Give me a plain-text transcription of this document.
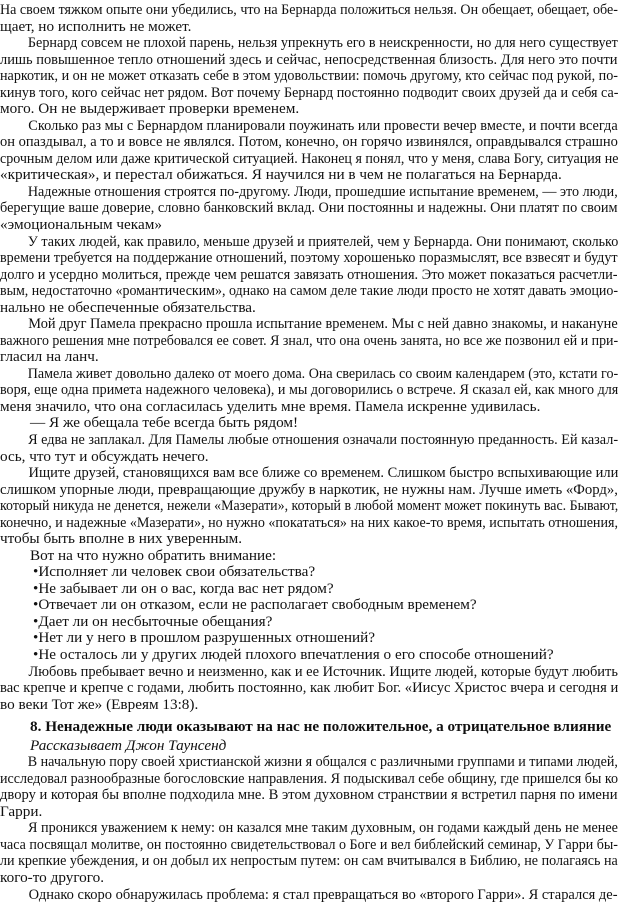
На своем тяжком опыте они убедились, что на Бернарда положиться нельзя. Он обещает, обещает, обе-
щает, но исполнить не может.
Бернард совсем не плохой парень, нельзя упрекнуть его в неискренности, но для него существует
лишь повышенное тепло отношений здесь и сейчас, непосредственная близость. Для него это почти
наркотик, и он не может отказать себе в этом удовольствии: помочь другому, кто сейчас под рукой, по-
кинув того, кого сейчас нет рядом. Вот почему Бернард постоянно подводит своих друзей да и себя са-
мого. Он не выдерживает проверки временем.
Сколько раз мы с Бернардом планировали поужинать или провести вечер вместе, и почти всегда
он опаздывал, а то и вовсе не являлся. Потом, конечно, он горячо извинялся, оправдывался страшно
срочным делом или даже критической ситуацией. Наконец я понял, что у меня, слава Богу, ситуация не
«критическая», и перестал обижаться. Я научился ни в чем не полагаться на Бернарда.
Надежные отношения строятся по-другому. Люди, прошедшие испытание временем, — это люди,
берегущие ваше доверие, словно банковский вклад. Они постоянны и надежны. Они платят по своим
«эмоциональным чекам»
У таких людей, как правило, меньше друзей и приятелей, чем у Бернарда. Они понимают, сколько
времени требуется на поддержание отношений, поэтому хорошенько поразмыслят, все взвесят и будут
долго и усердно молиться, прежде чем решатся завязать отношения. Это может показаться расчетли-
вым, недостаточно «романтическим», однако на самом деле такие люди просто не хотят давать эмоцио-
нально не обеспеченные обязательства.
Мой друг Памела прекрасно прошла испытание временем. Мы с ней давно знакомы, и накануне
важного решения мне потребовался ее совет. Я знал, что она очень занята, но все же позвонил ей и при-
гласил на ланч.
Памела живет довольно далеко от моего дома. Она сверилась со своим календарем (это, кстати го-
воря, еще одна примета надежного человека), и мы договорились о встрече. Я сказал ей, как много для
меня значило, что она согласилась уделить мне время. Памела искренне удивилась.
— Я же обещала тебе всегда быть рядом!
Я едва не заплакал. Для Памелы любые отношения означали постоянную преданность. Ей казал-
ось, что тут и обсуждать нечего.
Ищите друзей, становящихся вам все ближе со временем. Слишком быстро вспыхивающие или
слишком упорные люди, превращающие дружбу в наркотик, не нужны нам. Лучше иметь «Форд»,
который никуда не денется, нежели «Мазерати», который в любой момент может покинуть вас. Бывают,
конечно, и надежные «Мазерати», но нужно «покататься» на них какое-то время, испытать отношения,
чтобы быть вполне в них уверенным.
Вот на что нужно обратить внимание:
•Исполняет ли человек свои обязательства?
•Не забывает ли он о вас, когда вас нет рядом?
•Отвечает ли он отказом, если не располагает свободным временем?
•Дает ли он несбыточные обещания?
•Нет ли у него в прошлом разрушенных отношений?
•Не осталось ли у других людей плохого впечатления о его способе отношений?
Любовь пребывает вечно и неизменно, как и ее Источник. Ищите людей, которые будут любить
вас крепче и крепче с годами, любить постоянно, как любит Бог. «Иисус Христос вчера и сегодня и
во веки Тот же» (Евреям 13:8).
8. Ненадежные люди оказывают на нас не положительное, а отрицательное влияние
Рассказывает Джон Таунсенд
В начальную пору своей христианской жизни я общался с различными группами и типами людей,
исследовал разнообразные богословские направления. Я подыскивал себе общину, где пришелся бы ко
двору и которая бы вполне подходила мне. В этом духовном странствии я встретил парня по имени
Гарри.
Я проникся уважением к нему: он казался мне таким духовным, он годами каждый день не менее
часа посвящал молитве, он постоянно свидетельствовал о Боге и вел библейский семинар, У Гарри бы-
ли крепкие убеждения, и он добыл их непростым путем: он сам вчитывался в Библию, не полагаясь на
кого-то другого.
Однако скоро обнаружилась проблема: я стал превращаться во «второго Гарри». Я старался де-
